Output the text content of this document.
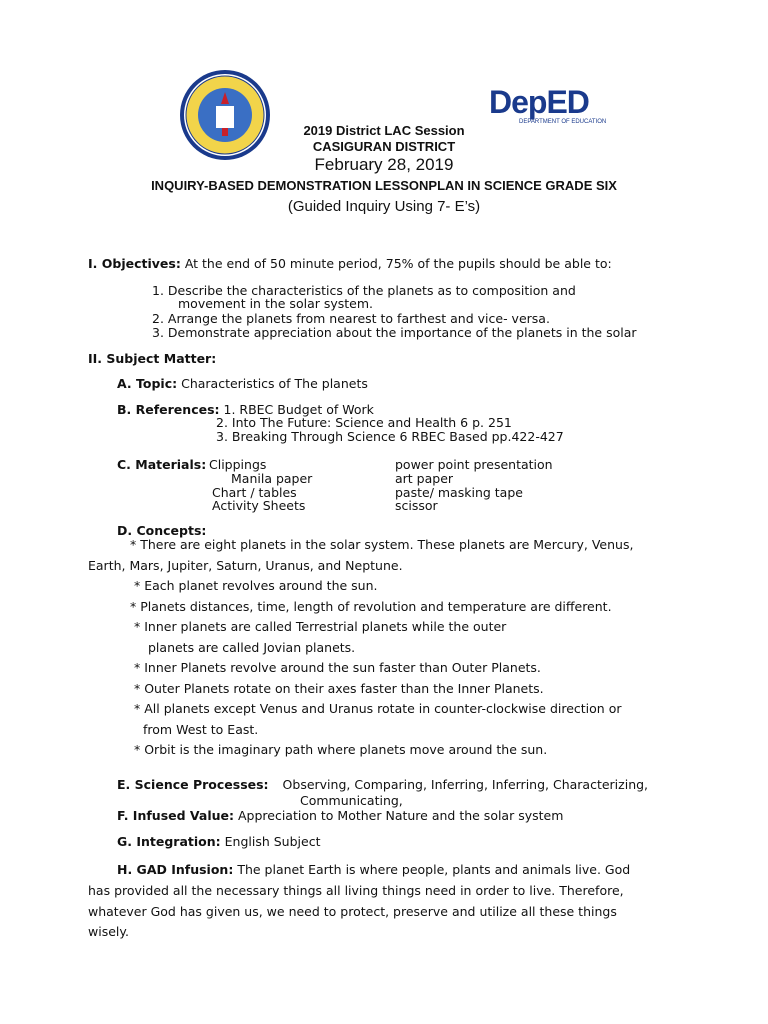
DepED
DEPARTMENT OF EDUCATION
2019 District LAC Session
CASIGURAN DISTRICT
February 28, 2019
INQUIRY-BASED DEMONSTRATION LESSONPLAN IN SCIENCE GRADE SIX
(Guided Inquiry Using 7- E’s)
I. Objectives: At the end of 50 minute period, 75% of the pupils should be able to:
1. Describe the characteristics of the planets as to composition and
movement in the solar system.
2. Arrange the planets from nearest to farthest and vice- versa.
3. Demonstrate appreciation about the importance of the planets in the solar
II. Subject Matter:
A. Topic: Characteristics of The planets
B. References: 1. RBEC Budget of Work
2. Into The Future: Science and Health 6 p. 251
3. Breaking Through Science 6 RBEC Based pp.422-427
C. Materials: Clippings
Manila paper
Chart / tables
Activity Sheets
power point presentation
art paper
paste/ masking tape
scissor
D. Concepts:
* There are eight planets in the solar system. These planets are Mercury, Venus,
Earth, Mars, Jupiter, Saturn, Uranus, and Neptune.
* Each planet revolves around the sun.
* Planets distances, time, length of revolution and temperature are different.
* Inner planets are called Terrestrial planets while the outer
planets are called Jovian planets.
* Inner Planets revolve around the sun faster than Outer Planets.
* Outer Planets rotate on their axes faster than the Inner Planets.
* All planets except Venus and Uranus rotate in counter-clockwise direction or
from West to East.
* Orbit is the imaginary path where planets move around the sun.
E. Science Processes: Observing, Comparing, Inferring, Inferring, Characterizing,
Communicating,
F. Infused Value: Appreciation to Mother Nature and the solar system
G. Integration: English Subject
H. GAD Infusion: The planet Earth is where people, plants and animals live. God
has provided all the necessary things all living things need in order to live. Therefore,
whatever God has given us, we need to protect, preserve and utilize all these things
wisely.
